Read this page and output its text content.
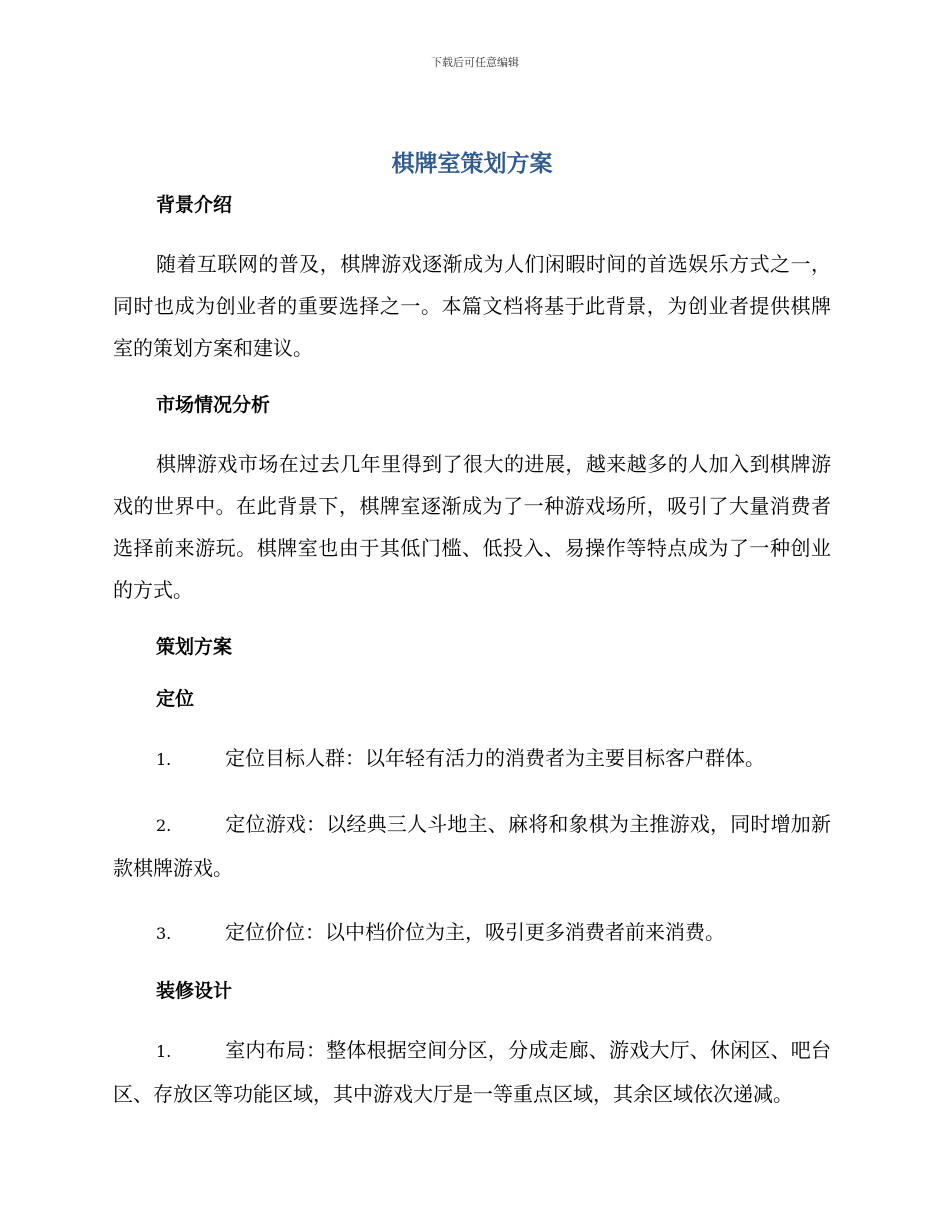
下载后可任意编辑
棋牌室策划方案
背景介绍
随着互联网的普及，棋牌游戏逐渐成为人们闲暇时间的首选娱乐方式之一，同时也成为创业者的重要选择之一。本篇文档将基于此背景，为创业者提供棋牌室的策划方案和建议。
市场情况分析
棋牌游戏市场在过去几年里得到了很大的进展，越来越多的人加入到棋牌游戏的世界中。在此背景下，棋牌室逐渐成为了一种游戏场所，吸引了大量消费者选择前来游玩。棋牌室也由于其低门槛、低投入、易操作等特点成为了一种创业的方式。
策划方案
定位
1.	定位目标人群：以年轻有活力的消费者为主要目标客户群体。
2.	定位游戏：以经典三人斗地主、麻将和象棋为主推游戏，同时增加新款棋牌游戏。
3.	定位价位：以中档价位为主，吸引更多消费者前来消费。
装修设计
1.	室内布局：整体根据空间分区，分成走廊、游戏大厅、休闲区、吧台区、存放区等功能区域，其中游戏大厅是一等重点区域，其余区域依次递减。
